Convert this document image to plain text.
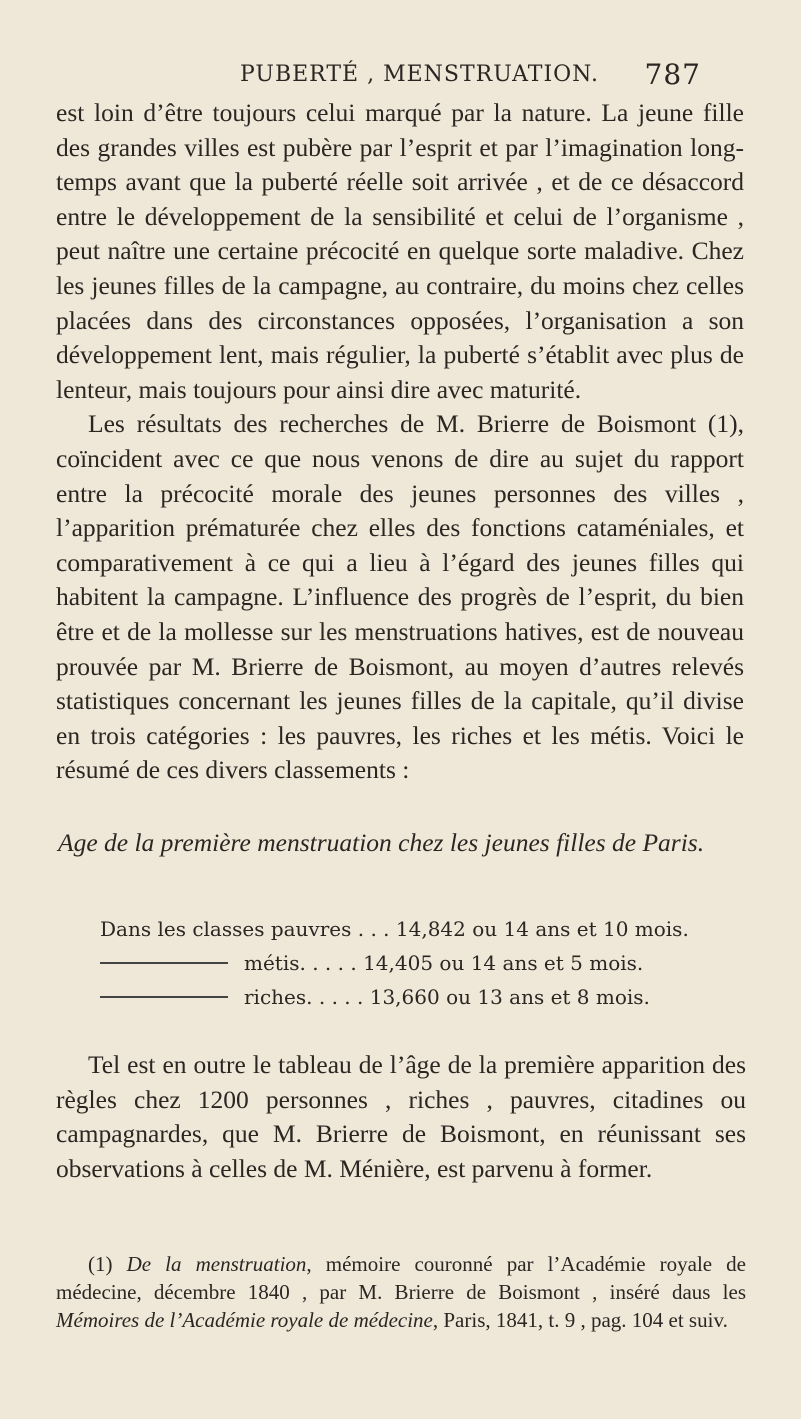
PUBERTÉ , MENSTRUATION. 787

est loin d’être toujours celui marqué par la nature. La jeune fille des grandes villes est pubère par l’esprit et par l’imagination long-temps avant que la puberté réelle soit arrivée , et de ce désaccord entre le développement de la sensibilité et celui de l’organisme , peut naître une certaine précocité en quelque sorte maladive. Chez les jeunes filles de la campagne, au contraire, du moins chez celles placées dans des circonstances opposées, l’organisation a son développement lent, mais régulier, la puberté s’établit avec plus de lenteur, mais toujours pour ainsi dire avec maturité.

Les résultats des recherches de M. Brierre de Boismont (1), coïncident avec ce que nous venons de dire au sujet du rapport entre la précocité morale des jeunes personnes des villes , l’apparition prématurée chez elles des fonctions cataméniales, et comparativement à ce qui a lieu à l’égard des jeunes filles qui habitent la campagne. L’influence des progrès de l’esprit, du bien être et de la mollesse sur les menstruations hatives, est de nouveau prouvée par M. Brierre de Boismont, au moyen d’autres relevés statistiques concernant les jeunes filles de la capitale, qu’il divise en trois catégories : les pauvres, les riches et les métis. Voici le résumé de ces divers classements :

Age de la première menstruation chez les jeunes filles de Paris.
Dans les classes pauvres . . .
14,842
ou 14 ans et 10 mois.
métis. . . . .
14,405
ou 14 ans et 5 mois.
riches. . . . .
13,660
ou 13 ans et 8 mois.

Tel est en outre le tableau de l’âge de la première apparition des règles chez 1200 personnes , riches , pauvres, citadines ou campagnardes, que M. Brierre de Boismont, en réunissant ses observations à celles de M. Ménière, est parvenu à former.

(1) De la menstruation, mémoire couronné par l’Académie royale de médecine, décembre 1840 , par M. Brierre de Boismont , inséré daus les Mémoires de l’Académie royale de médecine, Paris, 1841, t. 9 , pag. 104 et suiv.
